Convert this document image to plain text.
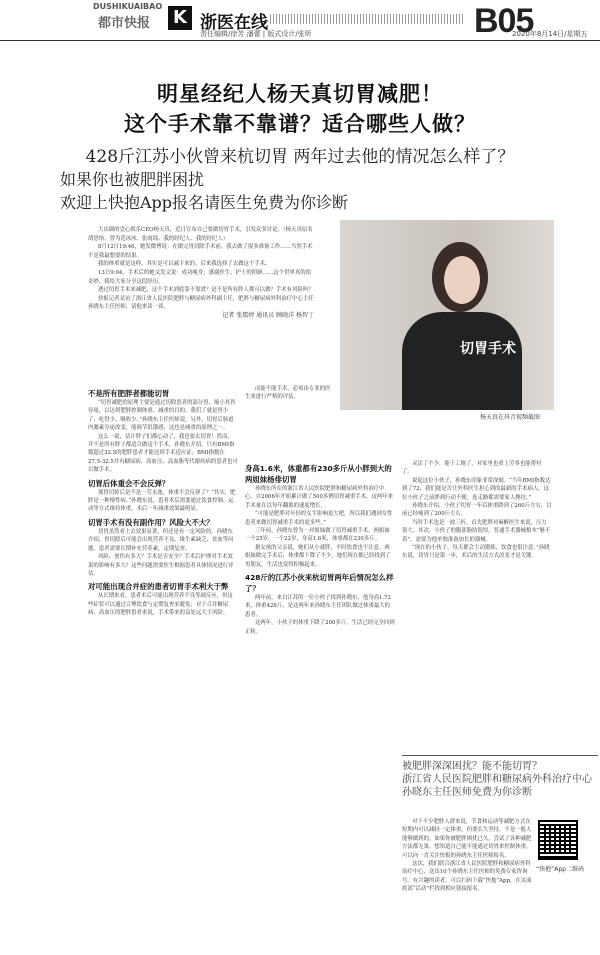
DUSHIKUAIBAO
都市快报 K 浙医在线	B05
责任编辑/徐芳 潘蕾 | 版式设计/张昕	2020年8月14日/星期五
明星经纪人杨天真切胃减肥！
这个手术靠不靠谱？适合哪些人做？
428斤江苏小伙曾来杭切胃 两年过去他的情况怎么样了？
如果你也被肥胖困扰
欢迎上快抱App报名请医生免费为你诊断

大出圈的壹心娱乐CEO杨天真，近日宣布自己要做切胃手术，引发众多讨论。（杨天真原名胡思怡，曾为范冰冰、张雨绮、我的经纪人、我的经纪人）

8月12日19:46，她发微博说：在做完胃切除手术前，我去做了很多准备工作……当然手术不是我最想要的结果。

我的体重就是这样，其实是可以减下来的。后来我选择了去做这个手术。

13日9:04，手术后的她又发文说：成功瘦身；感谢医生、护士的照顾……这个世界真的很奇妙，我给大家分享这段经历。

透过切胃手术来减肥，这个手术到底靠不靠谱？是不是所有胖人都可以做？手术有风险吗？

快报记者采访了浙江省人民医院肥胖与糖尿病外科副主任，肥胖与糖尿病外科治疗中心主任孙晓东主任医师，请他来谈一谈。

记者 张儒婷 通讯员 顾晓洋 杨智丁

切胃手术
杨天真在抖音视频截图
不是所有肥胖者都能切胃

“切胃减肥的原理主要是通过切除患者的部分胃，缩小其胃容量，以达到肥胖控制体重、减重的目的。我们了就是胃小了，吃得少、吸收少。”孙晓东主任医师说。另外，切胃后肠道内激素分泌改变，能调节饥饿感，这也是减重的原理之一。

这么一说，估计胖子们都心动了，我也要去切胃！然而，并不是所有胖子都适合做这个手术。孙晓东介绍，只有BMI指数超过32.5的肥胖患者才能达到手术适应证；BMI指数在27.5-32.5并有糖尿病、高血压、高血脂等代谢疾病的患者也可以做手术。

切胃后体重会不会反弹？

那胃切掉后是不是一劳永逸，体重不会反弹了？“其实，肥胖是一种慢性病。”孙晓东说。患者术后需要通过饮食控制、运动等方式维持体重，术后一年减重效果最明显。

切胃手术有没有副作用？风险大不大？

切胃虽然看上去效果显著，但还是有一定风险的。孙晓东介绍，胃切除后可能会出现营养不良，维生素缺乏、贫血等问题，患者需要长期补充营养素，定期复查。

风险、创伤有多大？手术是否安全？手术后护理对手术效果的影响有多大？这些问题需要医生根据患者具体情况进行评估。

对可能出现合并症的患者切胃手术利大于弊

从长期来看，患者术后可能出现营养不良等副反应，但这些症状可以通过合理饮食与定期复查来避免；对于合并糖尿病、高血压的肥胖患者来说，手术带来的益处远大于风险。

而能不能手术，必须由专业的医生来进行严格的评估。

身高1.6米，体重都有230多斤从小胖到大的两姐妹杨俳切胃

孙晓东所在的浙江省人民医院肥胖和糖尿病外科治疗中心，自2006年开始累计做了500多例切胃减重手术，这两年来手术量在以每年翻番的速度增长。

“可能是肥胖对年轻的女生影响更大吧，所以我们遇到女性患者来做切胃减重手术的更多些。”

三年前，孙晓东曾为一对姐妹做了切胃减重手术。两姐妹一个25岁，一个22岁，身高1.6米，体重都在230多斤。

据女孩的父亲说，她们从小就胖，平时饮食也不注意。两姐妹做完手术后，体重都下降了不少，她们现在都已经找到了男朋友，生活也变得积极起来。

428斤的江苏小伙来杭切胃两年后情况怎么样了？

两年前，来自江苏的一位小伙子找到孙晓东，他身高1.72米，体重428斤，是这两年来孙晓东主任团队做过体重最大的患者。

这两年，小伙子的体重下降了200多斤，生活已经完全回到正轨。

灵活了不少，能干工地了，对家里也重上劳事也能帮衬了。

说起这位小伙子，孙晓东印象非常深刻。“当年BMI指数达到了72，我们能是否让外科医生担心到的最新的手术病人。这位小伙子之前胖到行动不便，连走路都需要家人搀扶。”

孙晓东介绍，小伙子切胃一年后体重降到了260斤左右，目前已经瘦到了200斤左右。

当时手术也是一波三折。首先肥胖对麻醉医生来说，压力很大。其次，小伙子的腹部脂肪很厚，普通手术器械根本“够不着”，需要为他单独准备加长的器械。

“现在的小伙子，每天都会主动锻炼，饮食也很注意。”孙晓东说，切胃只是第一步，术后的生活方式改变才是关键。

被肥胖深深困扰？能不能切胃？
浙江省人民医院肥胖和糖尿病外科治疗中心
孙晓东主任医师免费为你诊断

对于不少肥胖人群来说，节食和运动等减肥方式在短期内可以减轻一定体重，但要长久坚持，不是一般人能够做到的。如果你被肥胖困扰已久，尝试了各种减肥方法都无果，想知道自己能不能通过切胃来控制体重，可以向一直关注快报的孙晓东主任医师报名。

这次，我们联合浙江省人民医院肥胖和糖尿病外科治疗中心，送出10个孙晓东主任医师的免费专家咨询号。有兴趣的读者，可以扫码下载“快抱”App，在页面底部“活动”栏找到相应链接报名。

“快抱”App二维码
